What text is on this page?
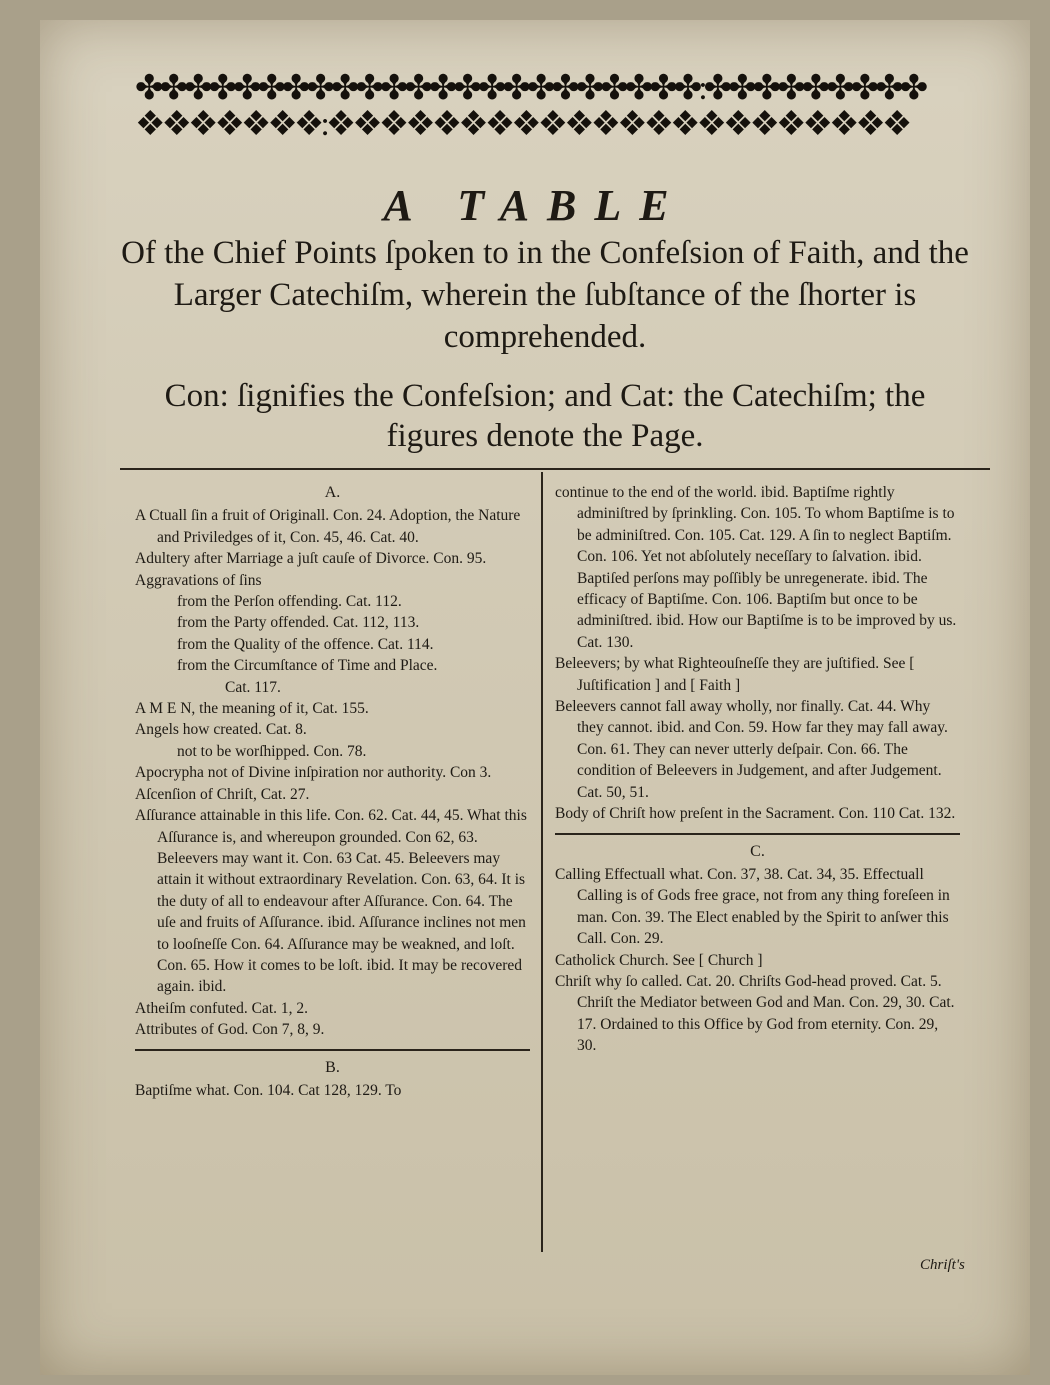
✤✤✤✤✤✤✤✤✤✤✤✤✤✤✤✤✤✤✤✤✤✤✤:✤✤✤✤✤✤✤✤✤
❖❖❖❖❖❖❖:❖❖❖❖❖❖❖❖❖❖❖❖❖❖❖❖❖❖❖❖❖❖
A TABLE
Of the Chief Points ſpoken to in the Confeſsion of Faith, and the Larger Catechiſm, wherein the ſubſtance of the ſhorter is comprehended.
Con: ſignifies the Confeſsion; and Cat: the Catechiſm; the figures denote the Page.
A.

A Ctuall ſin a fruit of Originall. Con. 24. Adoption, the Nature and Priviledges of it, Con. 45, 46. Cat. 40.

Adultery after Marriage a juſt cauſe of Divorce. Con. 95.

Aggravations of ſins

from the Perſon offending. Cat. 112.

from the Party offended. Cat. 112, 113.

from the Quality of the offence. Cat. 114.

from the Circumſtance of Time and Place.

Cat. 117.

A M E N, the meaning of it, Cat. 155.

Angels how created. Cat. 8.

not to be worſhipped. Con. 78.

Apocrypha not of Divine inſpiration nor authority. Con 3.

Aſcenſion of Chriſt, Cat. 27.

Aſſurance attainable in this life. Con. 62. Cat. 44, 45. What this Aſſurance is, and whereupon grounded. Con 62, 63. Beleevers may want it. Con. 63 Cat. 45. Beleevers may attain it without extraordinary Revelation. Con. 63, 64. It is the duty of all to endeavour after Aſſurance. Con. 64. The uſe and fruits of Aſſurance. ibid. Aſſurance inclines not men to looſneſſe Con. 64. Aſſurance may be weakned, and loſt. Con. 65. How it comes to be loſt. ibid. It may be recovered again. ibid.

Atheiſm confuted. Cat. 1, 2.

Attributes of God. Con 7, 8, 9.

B.

Baptiſme what. Con. 104. Cat 128, 129. To

continue to the end of the world. ibid. Baptiſme rightly adminiſtred by ſprinkling. Con. 105. To whom Baptiſme is to be adminiſtred. Con. 105. Cat. 129. A ſin to neglect Baptiſm. Con. 106. Yet not abſolutely neceſſary to ſalvation. ibid. Baptiſed perſons may poſſibly be unregenerate. ibid. The efficacy of Baptiſme. Con. 106. Baptiſm but once to be adminiſtred. ibid. How our Baptiſme is to be improved by us. Cat. 130.

Beleevers; by what Righteouſneſſe they are juſtified. See [ Juſtification ] and [ Faith ]

Beleevers cannot fall away wholly, nor finally. Cat. 44. Why they cannot. ibid. and Con. 59. How far they may fall away. Con. 61. They can never utterly deſpair. Con. 66. The condition of Beleevers in Judgement, and after Judgement. Cat. 50, 51.

Body of Chriſt how preſent in the Sacrament. Con. 110 Cat. 132.

C.

Calling Effectuall what. Con. 37, 38. Cat. 34, 35. Effectuall Calling is of Gods free grace, not from any thing foreſeen in man. Con. 39. The Elect enabled by the Spirit to anſwer this Call. Con. 29.

Catholick Church. See [ Church ]

Chriſt why ſo called. Cat. 20. Chriſts God-head proved. Cat. 5. Chriſt the Mediator between God and Man. Con. 29, 30. Cat. 17. Ordained to this Office by God from eternity. Con. 29, 30.

Chriſt's
